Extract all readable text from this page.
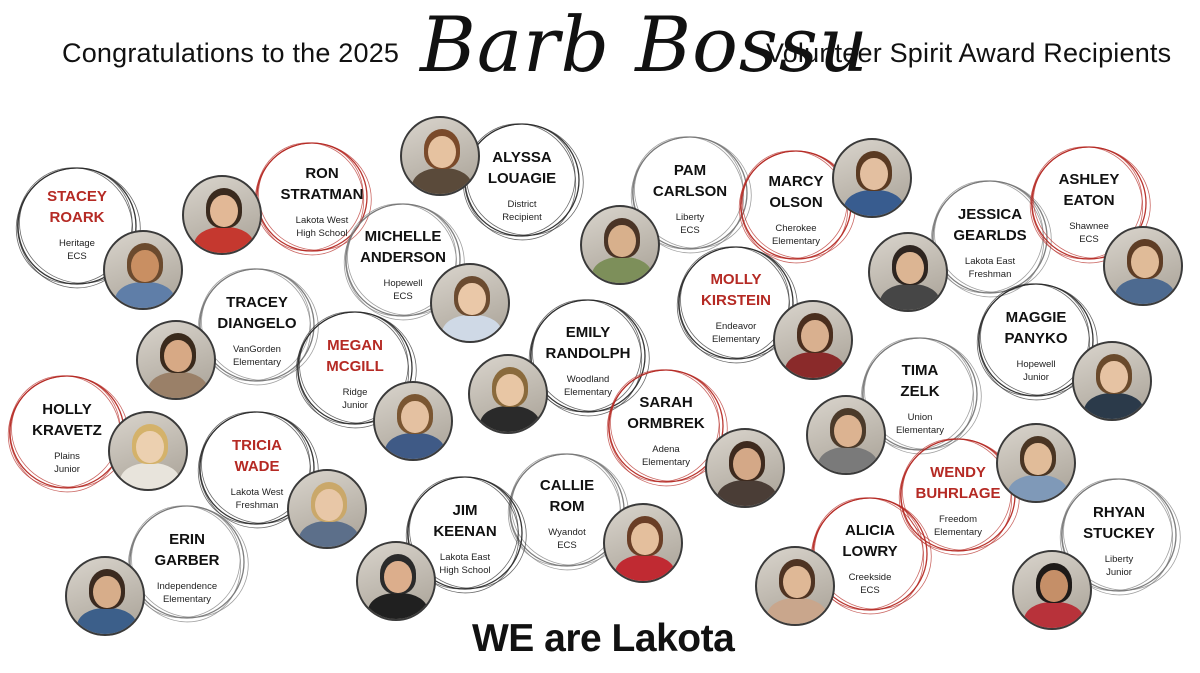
Congratulations to the 2025 Barb Bossu
Volunteer Spirit Award Recipients
STACEY
ROARK
Heritage
ECS
RON
STRATMAN
Lakota West
High School
ALYSSA
LOUAGIE
District
Recipient
PAM
CARLSON
Liberty
ECS
MARCY
OLSON
Cherokee
Elementary
JESSICA
GEARLDS
Lakota East
Freshman
ASHLEY
EATON
Shawnee
ECS
MICHELLE
ANDERSON
Hopewell
ECS
TRACEY
DIANGELO
VanGorden
Elementary
MEGAN
MCGILL
Ridge
Junior
EMILY
RANDOLPH
Woodland
Elementary
MOLLY
KIRSTEIN
Endeavor
Elementary
MAGGIE
PANYKO
Hopewell
Junior
TIMA
ZELK
Union
Elementary
HOLLY
KRAVETZ
Plains
Junior
TRICIA
WADE
Lakota West
Freshman
SARAH
ORMBREK
Adena
Elementary
CALLIE
ROM
Wyandot
ECS
JIM
KEENAN
Lakota East
High School
WENDY
BUHRLAGE
Freedom
Elementary
ERIN
GARBER
Independence
Elementary
ALICIA
LOWRY
Creekside
ECS
RHYAN
STUCKEY
Liberty
Junior
WE are Lakota
